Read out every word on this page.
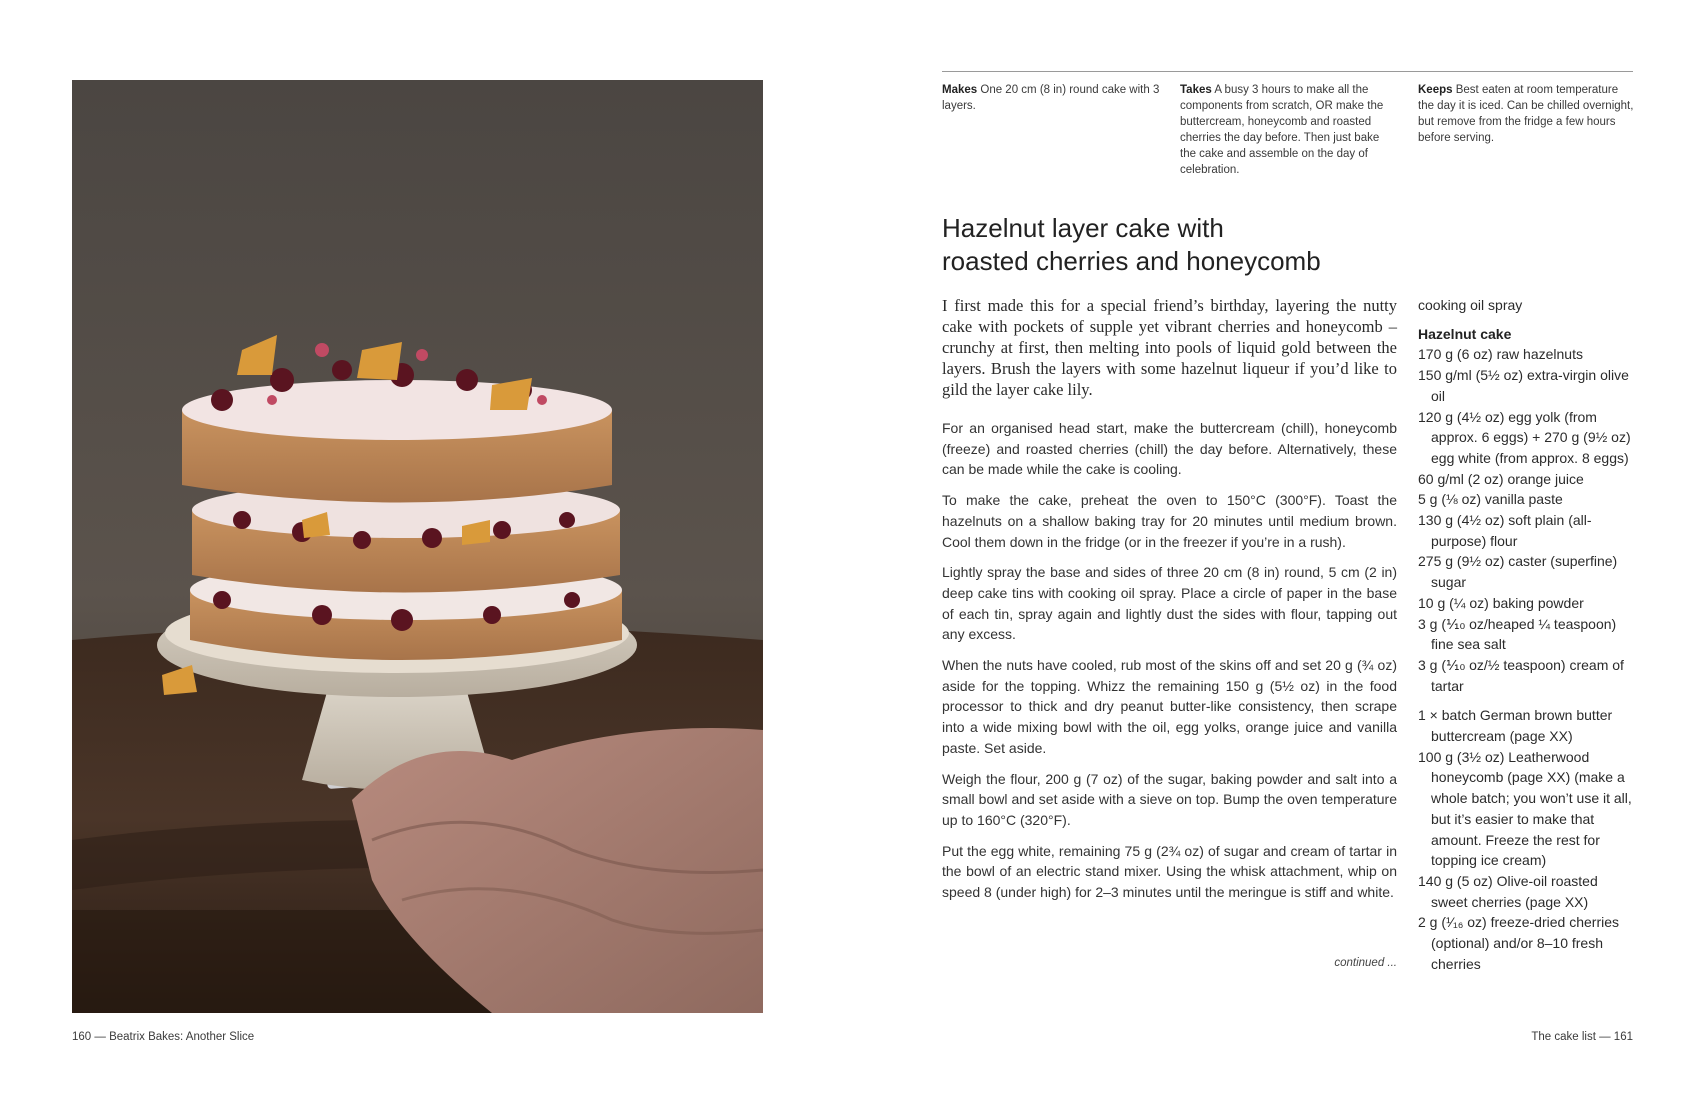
160 — Beatrix Bakes: Another Slice
Makes One 20 cm (8 in) round cake with 3 layers.
Takes A busy 3 hours to make all the components from scratch, OR make the buttercream, honeycomb and roasted cherries the day before. Then just bake the cake and assemble on the day of celebration.
Keeps Best eaten at room temperature the day it is iced. Can be chilled overnight, but remove from the fridge a few hours before serving.
Hazelnut layer cake with
roasted cherries and honeycomb

I first made this for a special friend’s birthday, layering the nutty cake with pockets of supple yet vibrant cherries and honeycomb – crunchy at first, then melting into pools of liquid gold between the layers. Brush the layers with some hazelnut liqueur if you’d like to gild the layer cake lily.

For an organised head start, make the buttercream (chill), honeycomb (freeze) and roasted cherries (chill) the day before. Alternatively, these can be made while the cake is cooling.

To make the cake, preheat the oven to 150°C (300°F). Toast the hazelnuts on a shallow baking tray for 20 minutes until medium brown. Cool them down in the fridge (or in the freezer if you’re in a rush).

Lightly spray the base and sides of three 20 cm (8 in) round, 5 cm (2 in) deep cake tins with cooking oil spray. Place a circle of paper in the base of each tin, spray again and lightly dust the sides with flour, tapping out any excess.

When the nuts have cooled, rub most of the skins off and set 20 g (¾ oz) aside for the topping. Whizz the remaining 150 g (5½ oz) in the food processor to thick and dry peanut butter-like consistency, then scrape into a wide mixing bowl with the oil, egg yolks, orange juice and vanilla paste. Set aside.

Weigh the flour, 200 g (7 oz) of the sugar, baking powder and salt into a small bowl and set aside with a sieve on top. Bump the oven temperature up to 160°C (320°F).

Put the egg white, remaining 75 g (2¾ oz) of sugar and cream of tartar in the bowl of an electric stand mixer. Using the whisk attachment, whip on speed 8 (under high) for 2–3 minutes until the meringue is stiff and white.

continued ...
cooking oil spray
Hazelnut cake
170 g (6 oz) raw hazelnuts
150 g/ml (5½ oz) extra-virgin olive oil
120 g (4½ oz) egg yolk (from approx. 6 eggs) + 270 g (9½ oz) egg white (from approx. 8 eggs)
60 g/ml (2 oz) orange juice
5 g (⅛ oz) vanilla paste
130 g (4½ oz) soft plain (all-purpose) flour
275 g (9½ oz) caster (superfine) sugar
10 g (¼ oz) baking powder
3 g (⅒ oz/heaped ¼ teaspoon) fine sea salt
3 g (⅒ oz/½ teaspoon) cream of tartar
1 × batch German brown butter buttercream (page XX)
100 g (3½ oz) Leatherwood honeycomb (page XX) (make a whole batch; you won’t use it all, but it’s easier to make that amount. Freeze the rest for topping ice cream)
140 g (5 oz) Olive-oil roasted sweet cherries (page XX)
2 g (¹⁄₁₆ oz) freeze-dried cherries (optional) and/or 8–10 fresh cherries
The cake list — 161
